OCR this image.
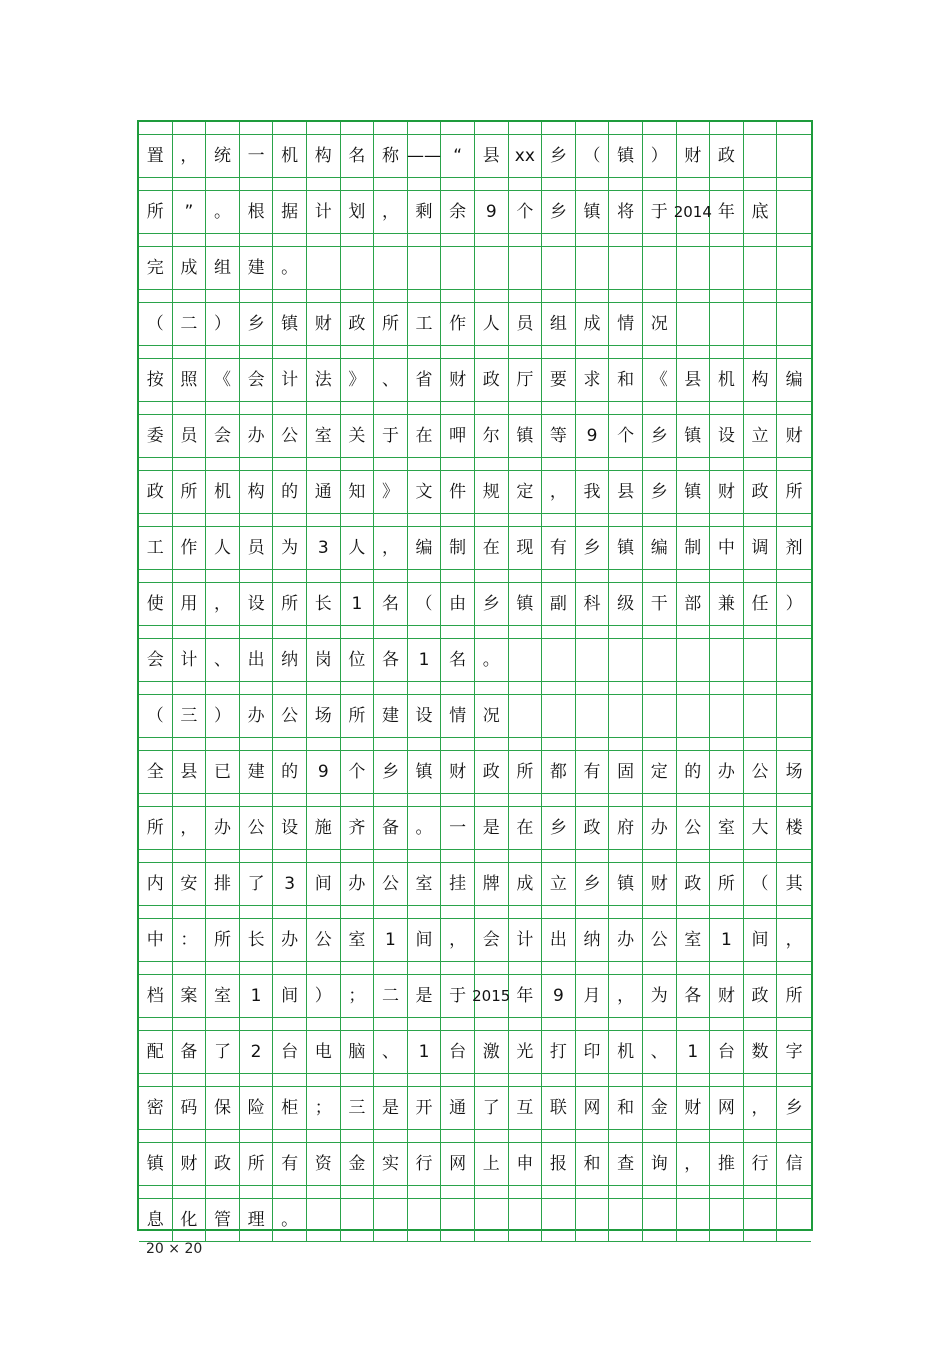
置 ， 统 一 机 构 名 称 —— “	县 xx 乡 （ 镇 ） 财 政
所	”	。 根 据 计 划 ， 剩 余	9	个 乡 镇 将 于 2014 年 底
完 成 组 建 。
（ 二 ） 乡 镇 财 政 所 工 作 人 员 组 成 情 况
按 照 《 会 计 法 》 、 省 财 政 厅 要 求 和 《 县 机 构	编
委 员 会 办 公 室 关 于 在 呷 尔 镇 等	9	个 乡 镇 设 立	财
政 所 机 构 的 通 知 》 文 件 规 定 ， 我 县 乡 镇 财 政	所
工 作 人 员 为	3	人 ， 编 制 在 现 有 乡 镇 编 制 中 调	剂
使 用 ， 设 所 长	1	名 （ 由 乡 镇 副 科 级 干 部 兼 任	）
会 计 、 出 纳 岗 位 各	1	名 。
（ 三 ） 办 公 场 所 建 设 情 况
全 县 已 建 的	9	个 乡 镇 财 政 所 都 有 固 定 的 办 公	场
所 ， 办 公 设 施 齐 备 。 一 是 在 乡 政 府 办 公 室 大	楼
内 安 排 了	3	间 办 公 室 挂 牌 成 立 乡 镇 财 政 所 （	其
中 ： 所 长 办 公 室	1	间 ， 会 计 出 纳 办 公 室	1	间	，
档 案 室	1	间 ） ； 二 是 于 2015 年	9	月 ， 为 各 财 政	所
配 备 了	2	台 电 脑 、	1	台 激 光 打 印 机 、	1	台 数	字
密 码 保 险 柜 ； 三 是 开 通 了 互 联 网 和 金 财 网 ，	乡
镇 财 政 所 有 资 金 实 行 网 上 申 报 和 查 询 ， 推 行	信
息 化 管 理 。
20 × 20
